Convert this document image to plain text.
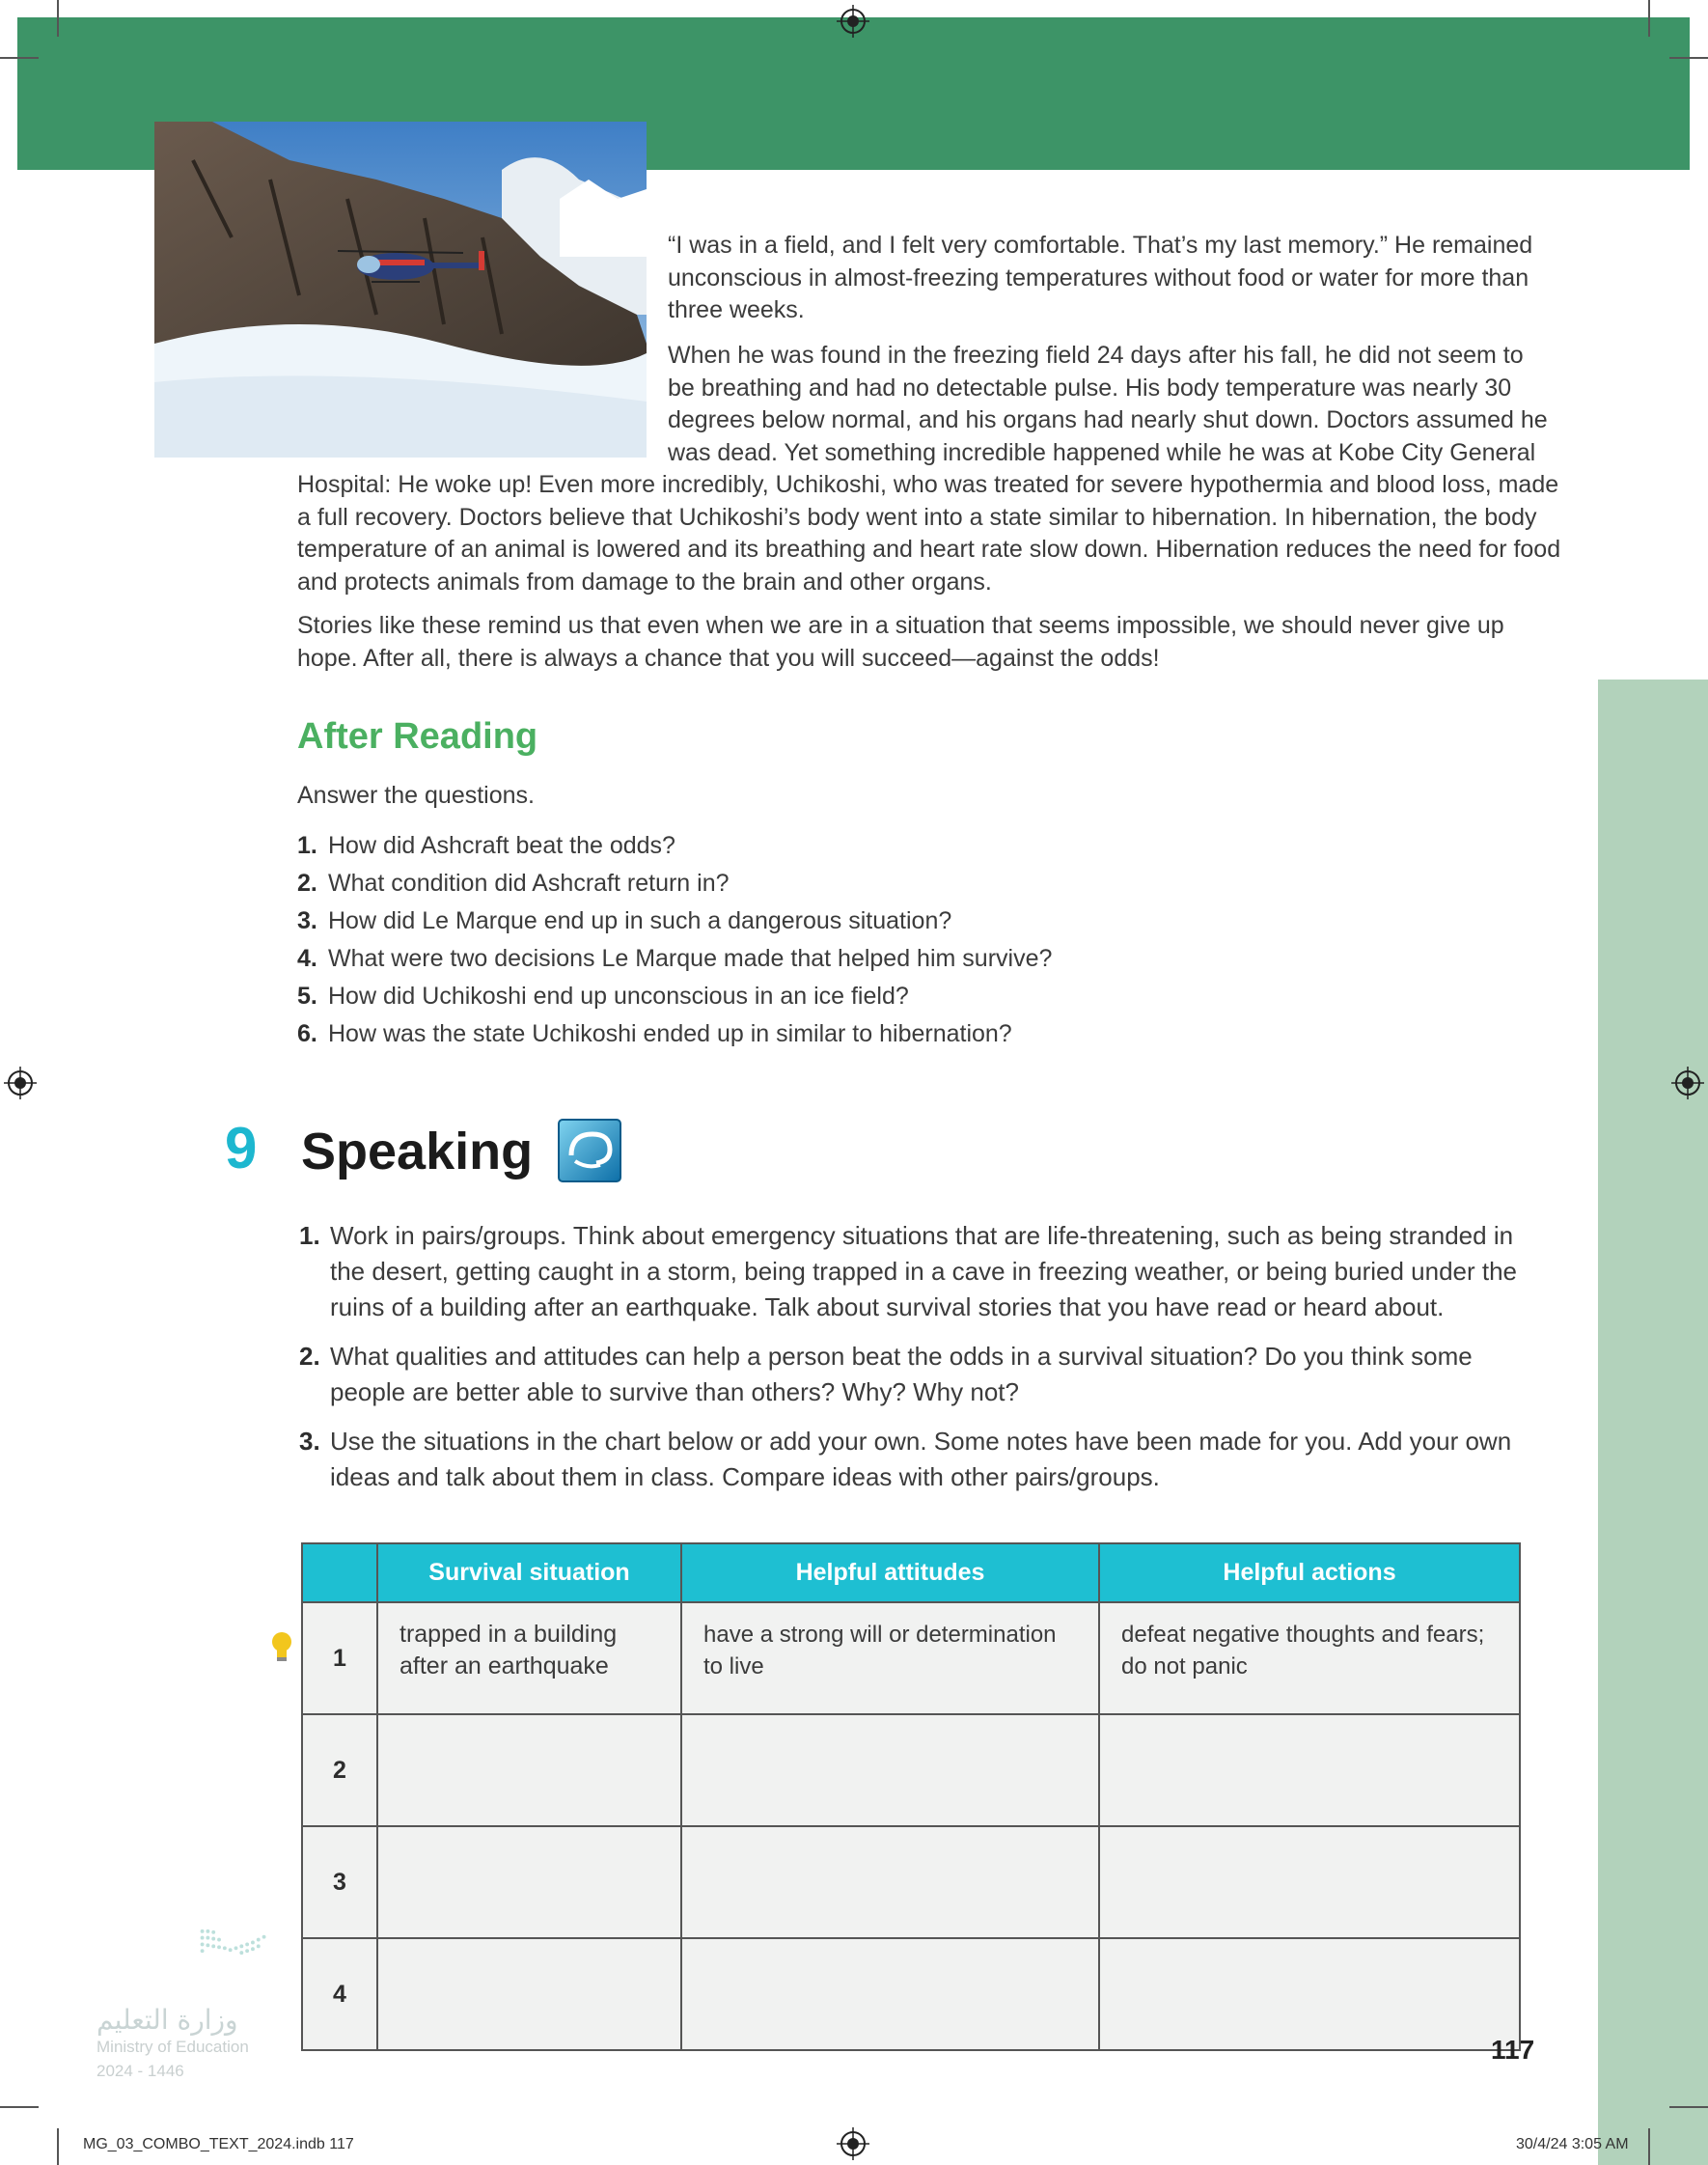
“I was in a field, and I felt very comfortable. That’s my last memory.” He remained unconscious in almost-freezing temperatures without food or water for more than three weeks.

When he was found in the freezing field 24 days after his fall, he did not seem to be breathing and had no detectable pulse. His body temperature was nearly 30 degrees below normal, and his organs had nearly shut down. Doctors assumed he was dead. Yet something incredible happened while he was at Kobe City General

Hospital: He woke up! Even more incredibly, Uchikoshi, who was treated for severe hypothermia and blood loss, made a full recovery. Doctors believe that Uchikoshi’s body went into a state similar to hibernation. In hibernation, the body temperature of an animal is lowered and its breathing and heart rate slow down. Hibernation reduces the need for food and protects animals from damage to the brain and other organs.

Stories like these remind us that even when we are in a situation that seems impossible, we should never give up hope. After all, there is always a chance that you will succeed—against the odds!

After Reading

Answer the questions.

1. How did Ashcraft beat the odds?
2. What condition did Ashcraft return in?
3. How did Le Marque end up in such a dangerous situation?
4. What were two decisions Le Marque made that helped him survive?
5. How did Uchikoshi end up unconscious in an ice field?
6. How was the state Uchikoshi ended up in similar to hibernation?

9 Speaking
1. Work in pairs/groups. Think about emergency situations that are life-threatening, such as being stranded in the desert, getting caught in a storm, being trapped in a cave in freezing weather, or being buried under the ruins of a building after an earthquake. Talk about survival stories that you have read or heard about.
2. What qualities and attitudes can help a person beat the odds in a survival situation? Do you think some people are better able to survive than others? Why? Why not?
3. Use the situations in the chart below or add your own. Some notes have been made for you. Add your own ideas and talk about them in class. Compare ideas with other pairs/groups.
	Survival situation	Helpful attitudes	Helpful actions
1	trapped in a building after an earthquake	have a strong will or determination to live	defeat negative thoughts and fears; do not panic
2			
3			
4			

وزارة التعليم

Ministry of Education

2024 - 1446

117

MG_03_COMBO_TEXT_2024.indb 117	30/4/24 3:05 AM
